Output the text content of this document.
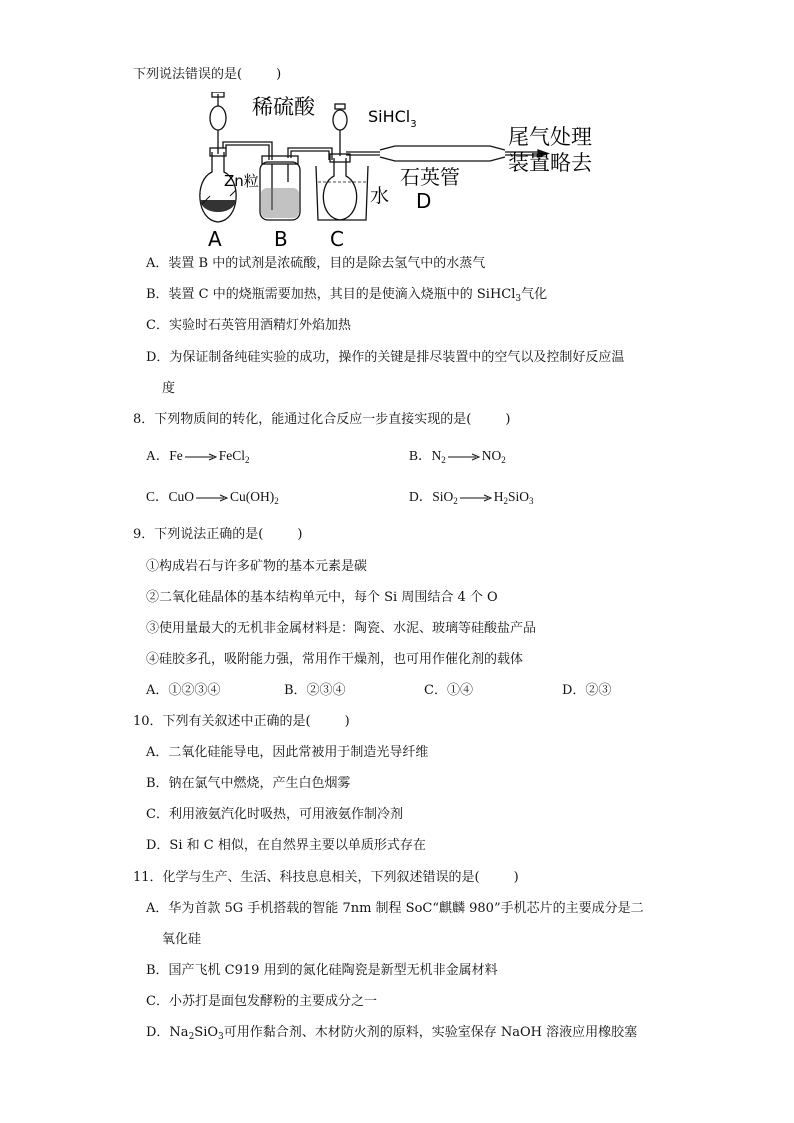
下列说法错误的是(	)
稀硫酸	SiHCl$_3$
Zn粒
水
石英管
D
尾气处理
装置略去
A	B C
A．装置 B 中的试剂是浓硫酸，目的是除去氢气中的水蒸气
B．装置 C 中的烧瓶需要加热，其目的是使滴入烧瓶中的 SiHCl$_3$气化
C．实验时石英管用酒精灯外焰加热
D．为保证制备纯硅实验的成功，操作的关键是排尽装置中的空气以及控制好反应温
度
8．下列物质间的转化，能通过化合反应一步直接实现的是(	)
A．Fe	FeCl$_2$	B．$N_2$	$NO_2$
C．CuO	$Cu(OH)_2$	D．SiO$_2$	$H_2SiO_3$
9．下列说法正确的是(	)
①构成岩石与许多矿物的基本元素是碳
②二氧化硅晶体的基本结构单元中，每个 Si 周围结合 4 个 O
③使用量最大的无机非金属材料是：陶瓷、水泥、玻璃等硅酸盐产品
④硅胶多孔，吸附能力强，常用作干燥剂，也可用作催化剂的载体
A．①②③④	B．②③④	C．①④	D．②③
10．下列有关叙述中正确的是(	)
A．二氧化硅能导电，因此常被用于制造光导纤维
B．钠在氯气中燃烧，产生白色烟雾
C．利用液氨汽化时吸热，可用液氨作制冷剂
D．Si 和 C 相似，在自然界主要以单质形式存在
11．化学与生产、生活、科技息息相关，下列叙述错误的是(	)
A．华为首款 5G 手机搭载的智能 7nm 制程 SoC“麒麟 980”手机芯片的主要成分是二
氧化硅
B．国产飞机 C919 用到的氮化硅陶瓷是新型无机非金属材料
C．小苏打是面包发酵粉的主要成分之一
D．$Na_2SiO_3$可用作黏合剂、木材防火剂的原料，实验室保存 NaOH 溶液应用橡胶塞
